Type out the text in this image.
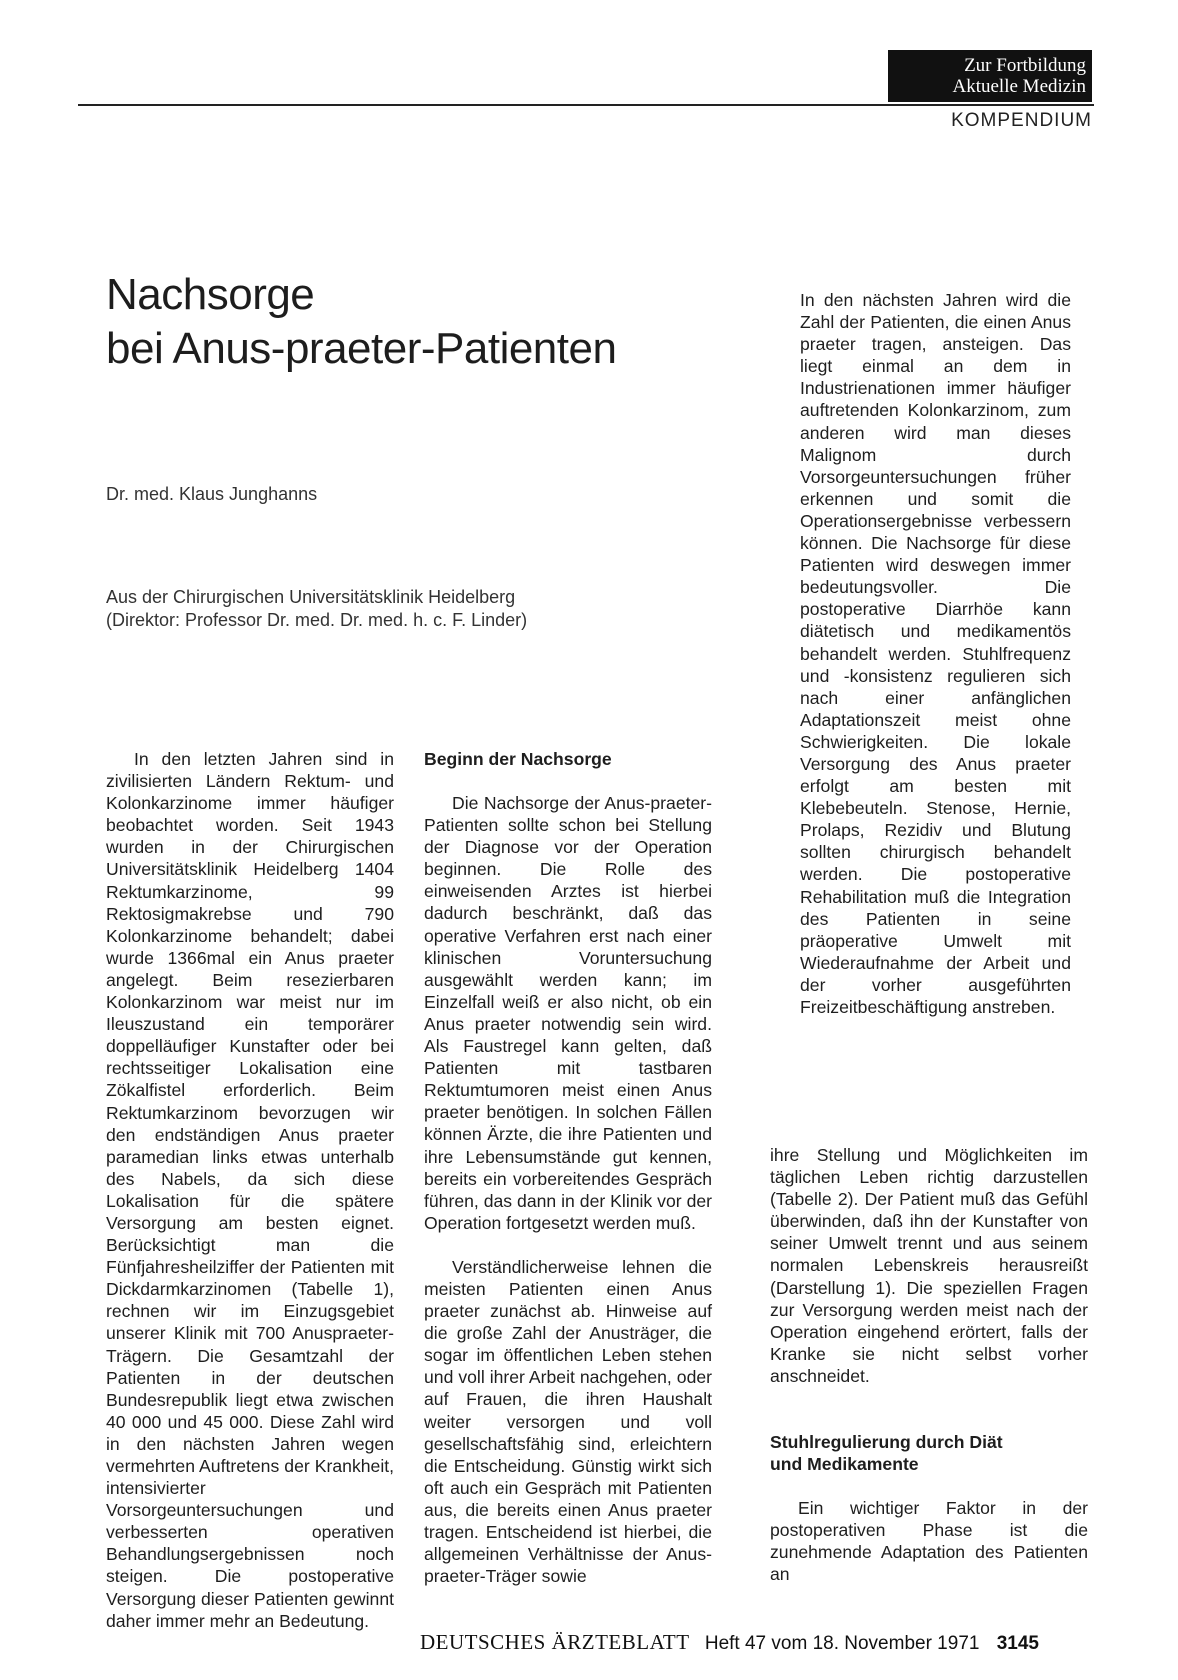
Zur Fortbildung
Aktuelle Medizin
KOMPENDIUM
Nachsorge
bei Anus-praeter-Patienten
Dr. med. Klaus Junghanns
Aus der Chirurgischen Universitätsklinik Heidelberg
(Direktor: Professor Dr. med. Dr. med. h. c. F. Linder)

In den nächsten Jahren wird die Zahl der Patienten, die einen Anus praeter tragen, ansteigen. Das liegt einmal an dem in Industrienationen immer häufiger auftretenden Kolonkarzinom, zum anderen wird man dieses Malignom durch Vorsorgeuntersuchungen früher erkennen und somit die Operationsergebnisse verbessern können. Die Nachsorge für diese Patienten wird deswegen immer bedeutungsvoller. Die postoperative Diarrhöe kann diätetisch und medikamentös behandelt werden. Stuhlfrequenz und -konsistenz regulieren sich nach einer anfänglichen Adaptationszeit meist ohne Schwierigkeiten. Die lokale Versorgung des Anus praeter erfolgt am besten mit Klebebeuteln. Stenose, Hernie, Prolaps, Rezidiv und Blutung sollten chirurgisch behandelt werden. Die postoperative Rehabilitation muß die Integration des Patienten in seine präoperative Umwelt mit Wiederaufnahme der Arbeit und der vorher ausgeführten Freizeitbeschäftigung anstreben.

In den letzten Jahren sind in zivilisierten Ländern Rektum- und Kolonkarzinome immer häufiger beobachtet worden. Seit 1943 wurden in der Chirurgischen Universitätsklinik Heidelberg 1404 Rektumkarzinome, 99 Rektosigmakrebse und 790 Kolonkarzinome behandelt; dabei wurde 1366mal ein Anus praeter angelegt. Beim resezierbaren Kolonkarzinom war meist nur im Ileuszustand ein temporärer doppelläufiger Kunstafter oder bei rechtsseitiger Lokalisation eine Zökalfistel erforderlich. Beim Rektumkarzinom bevorzugen wir den endständigen Anus praeter paramedian links etwas unterhalb des Nabels, da sich diese Lokalisation für die spätere Versorgung am besten eignet. Berücksichtigt man die Fünfjahresheilziffer der Patienten mit Dickdarmkarzinomen (Tabelle 1), rechnen wir im Einzugsgebiet unserer Klinik mit 700 Anuspraeter-Trägern. Die Gesamtzahl der Patienten in der deutschen Bundesrepublik liegt etwa zwischen 40 000 und 45 000. Diese Zahl wird in den nächsten Jahren wegen vermehrten Auftretens der Krankheit, intensivierter Vorsorgeuntersuchungen und verbesserten operativen Behandlungsergebnissen noch steigen. Die postoperative Versorgung dieser Patienten gewinnt daher immer mehr an Bedeutung.

Beginn der Nachsorge

Die Nachsorge der Anus-praeter-Patienten sollte schon bei Stellung der Diagnose vor der Operation beginnen. Die Rolle des einweisenden Arztes ist hierbei dadurch beschränkt, daß das operative Verfahren erst nach einer klinischen Voruntersuchung ausgewählt werden kann; im Einzelfall weiß er also nicht, ob ein Anus praeter notwendig sein wird. Als Faustregel kann gelten, daß Patienten mit tastbaren Rektumtumoren meist einen Anus praeter benötigen. In solchen Fällen können Ärzte, die ihre Patienten und ihre Lebensumstände gut kennen, bereits ein vorbereitendes Gespräch führen, das dann in der Klinik vor der Operation fortgesetzt werden muß.

Verständlicherweise lehnen die meisten Patienten einen Anus praeter zunächst ab. Hinweise auf die große Zahl der Anusträger, die sogar im öffentlichen Leben stehen und voll ihrer Arbeit nachgehen, oder auf Frauen, die ihren Haushalt weiter versorgen und voll gesellschaftsfähig sind, erleichtern die Entscheidung. Günstig wirkt sich oft auch ein Gespräch mit Patienten aus, die bereits einen Anus praeter tragen. Entscheidend ist hierbei, die allgemeinen Verhältnisse der Anus-praeter-Träger sowie

ihre Stellung und Möglichkeiten im täglichen Leben richtig darzustellen (Tabelle 2). Der Patient muß das Gefühl überwinden, daß ihn der Kunstafter von seiner Umwelt trennt und aus seinem normalen Lebenskreis herausreißt (Darstellung 1). Die speziellen Fragen zur Versorgung werden meist nach der Operation eingehend erörtert, falls der Kranke sie nicht selbst vorher anschneidet.

Stuhlregulierung durch Diät
und Medikamente

Ein wichtiger Faktor in der postoperativen Phase ist die zunehmende Adaptation des Patienten an

DEUTSCHES ÄRZTEBLATT Heft 47 vom 18. November 1971 3145
